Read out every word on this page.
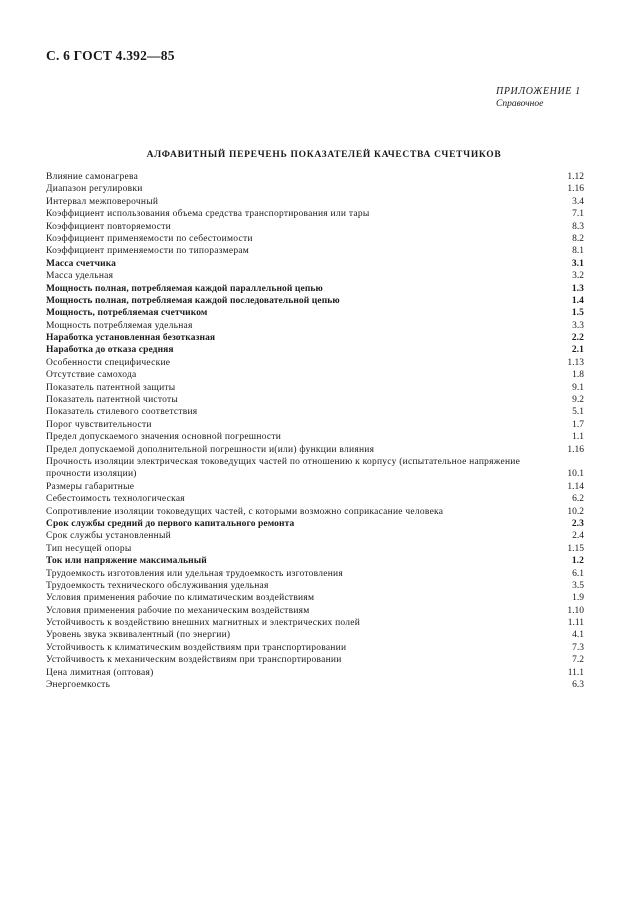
С. 6 ГОСТ 4.392—85
ПРИЛОЖЕНИЕ 1
Справочное
АЛФАВИТНЫЙ ПЕРЕЧЕНЬ ПОКАЗАТЕЛЕЙ КАЧЕСТВА СЧЕТЧИКОВ
Влияние самонагрева	1.12
Диапазон регулировки	1.16
Интервал межповерочный	3.4
Коэффициент использования объема средства транспортирования или тары	7.1
Коэффициент повторяемости	8.3
Коэффициент применяемости по себестоимости	8.2
Коэффициент применяемости по типоразмерам	8.1
Масса счетчика	3.1
Масса удельная	3.2
Мощность полная, потребляемая каждой параллельной цепью	1.3
Мощность полная, потребляемая каждой последовательной цепью	1.4
Мощность, потребляемая счетчиком	1.5
Мощность потребляемая удельная	3.3
Наработка установленная безотказная	2.2
Наработка до отказа средняя	2.1
Особенности специфические	1.13
Отсутствие самохода	1.8
Показатель патентной защиты	9.1
Показатель патентной чистоты	9.2
Показатель стилевого соответствия	5.1
Порог чувствительности	1.7
Предел допускаемого значения основной погрешности	1.1
Предел допускаемой дополнительной погрешности и(или) функции влияния	1.16
Прочность изоляции электрическая токоведущих частей по отношению к корпусу (испытательное напряжение прочности изоляции)	10.1
Размеры габаритные	1.14
Себестоимость технологическая	6.2
Сопротивление изоляции токоведущих частей, с которыми возможно соприкасание человека	10.2
Срок службы средний до первого капитального ремонта	2.3
Срок службы установленный	2.4
Тип несущей опоры	1.15
Ток или напряжение максимальный	1.2
Трудоемкость изготовления или удельная трудоемкость изготовления	6.1
Трудоемкость технического обслуживания удельная	3.5
Условия применения рабочие по климатическим воздействиям	1.9
Условия применения рабочие по механическим воздействиям	1.10
Устойчивость к воздействию внешних магнитных и электрических полей	1.11
Уровень звука эквивалентный (по энергии)	4.1
Устойчивость к климатическим воздействиям при транспортировании	7.3
Устойчивость к механическим воздействиям при транспортировании	7.2
Цена лимитная (оптовая)	11.1
Энергоемкость	6.3
